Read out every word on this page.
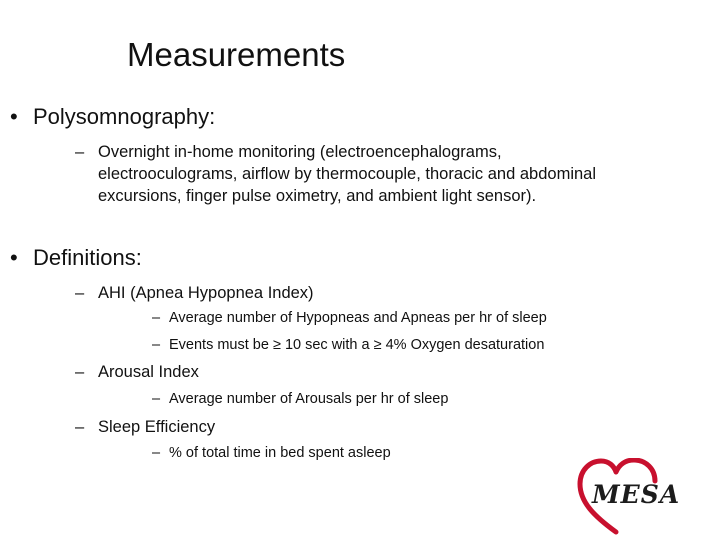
Measurements
• Polysomnography:
– Overnight in-home monitoring (electroencephalograms, electrooculograms, airflow by thermocouple, thoracic and abdominal excursions, finger pulse oximetry, and ambient light sensor).
• Definitions:
– AHI (Apnea Hypopnea Index)
– Average number of Hypopneas and Apneas per hr of sleep
– Events must be ≥ 10 sec with a ≥ 4% Oxygen desaturation
– Arousal Index
– Average number of Arousals per hr of sleep
– Sleep Efficiency
– % of total time in bed spent asleep
MESA
